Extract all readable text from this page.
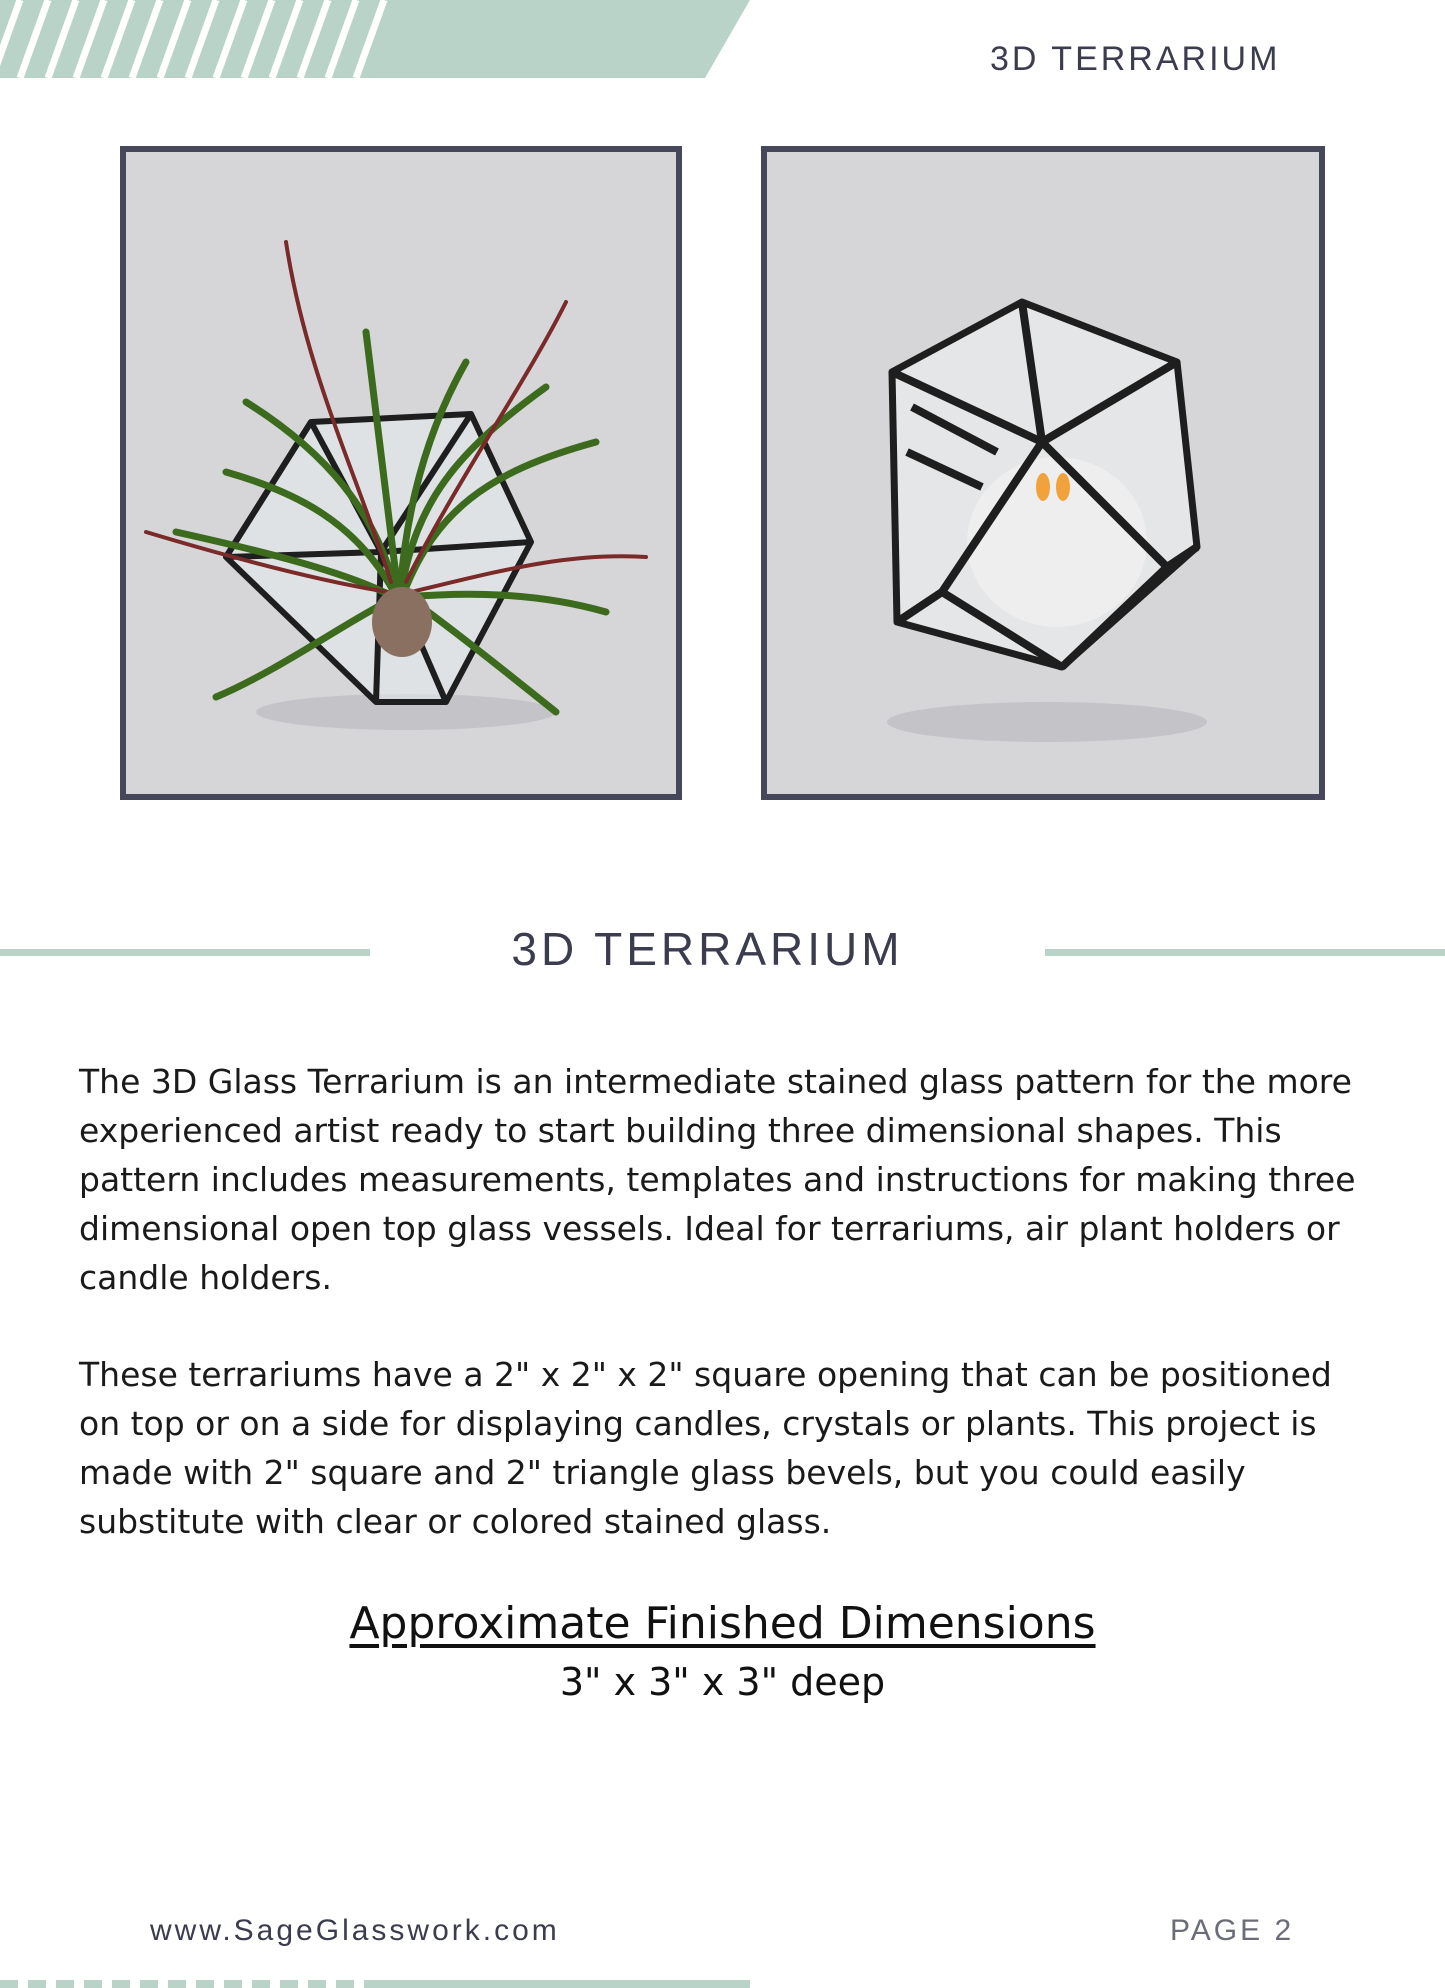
3D TERRARIUM
3D TERRARIUM

The 3D Glass Terrarium is an intermediate stained glass pattern for the more experienced artist ready to start building three dimensional shapes. This pattern includes measurements, templates and instructions for making three dimensional open top glass vessels. Ideal for terrariums, air plant holders or candle holders.

These terrariums have a 2" x 2" x 2" square opening that can be positioned on top or on a side for displaying candles, crystals or plants. This project is made with 2" square and 2" triangle glass bevels, but you could easily substitute with clear or colored stained glass.

Approximate Finished Dimensions
3" x 3" x 3" deep
www.SageGlasswork.com	PAGE 2
